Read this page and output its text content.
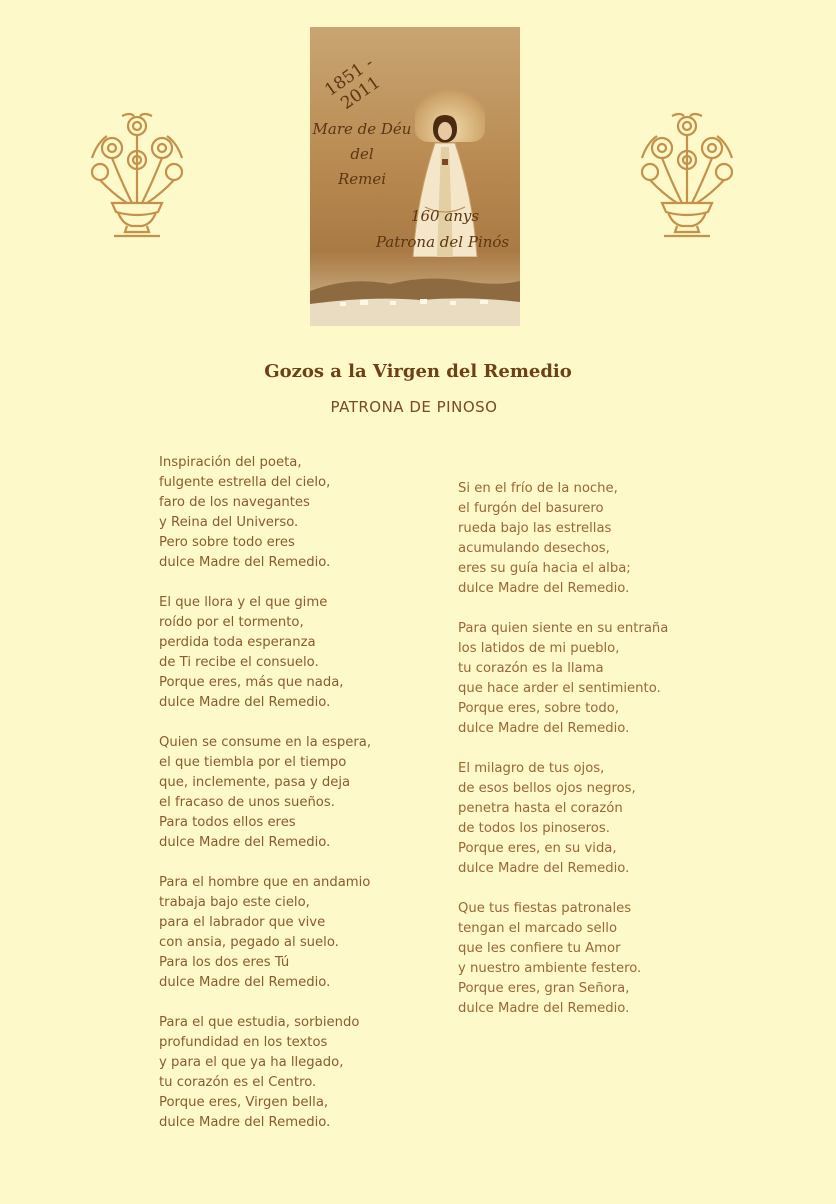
1851 - 2011
Mare de Déu
del
Remei
160 anys
Patrona del Pinós
Gozos a la Virgen del Remedio

PATRONA DE PINOSO

Inspiración del poeta,
fulgente estrella del cielo,
faro de los navegantes
y Reina del Universo.
Pero sobre todo eres
dulce Madre del Remedio.
El que llora y el que gime
roído por el tormento,
perdida toda esperanza
de Ti recibe el consuelo.
Porque eres, más que nada,
dulce Madre del Remedio.
Quien se consume en la espera,
el que tiembla por el tiempo
que, inclemente, pasa y deja
el fracaso de unos sueños.
Para todos ellos eres
dulce Madre del Remedio.
Para el hombre que en andamio
trabaja bajo este cielo,
para el labrador que vive
con ansia, pegado al suelo.
Para los dos eres Tú
dulce Madre del Remedio.
Para el que estudia, sorbiendo
profundidad en los textos
y para el que ya ha llegado,
tu corazón es el Centro.
Porque eres, Virgen bella,
dulce Madre del Remedio.
Si en el frío de la noche,
el furgón del basurero
rueda bajo las estrellas
acumulando desechos,
eres su guía hacia el alba;
dulce Madre del Remedio.
Para quien siente en su entraña
los latidos de mi pueblo,
tu corazón es la llama
que hace arder el sentimiento.
Porque eres, sobre todo,
dulce Madre del Remedio.
El milagro de tus ojos,
de esos bellos ojos negros,
penetra hasta el corazón
de todos los pinoseros.
Porque eres, en su vida,
dulce Madre del Remedio.
Que tus fiestas patronales
tengan el marcado sello
que les confiere tu Amor
y nuestro ambiente festero.
Porque eres, gran Señora,
dulce Madre del Remedio.
